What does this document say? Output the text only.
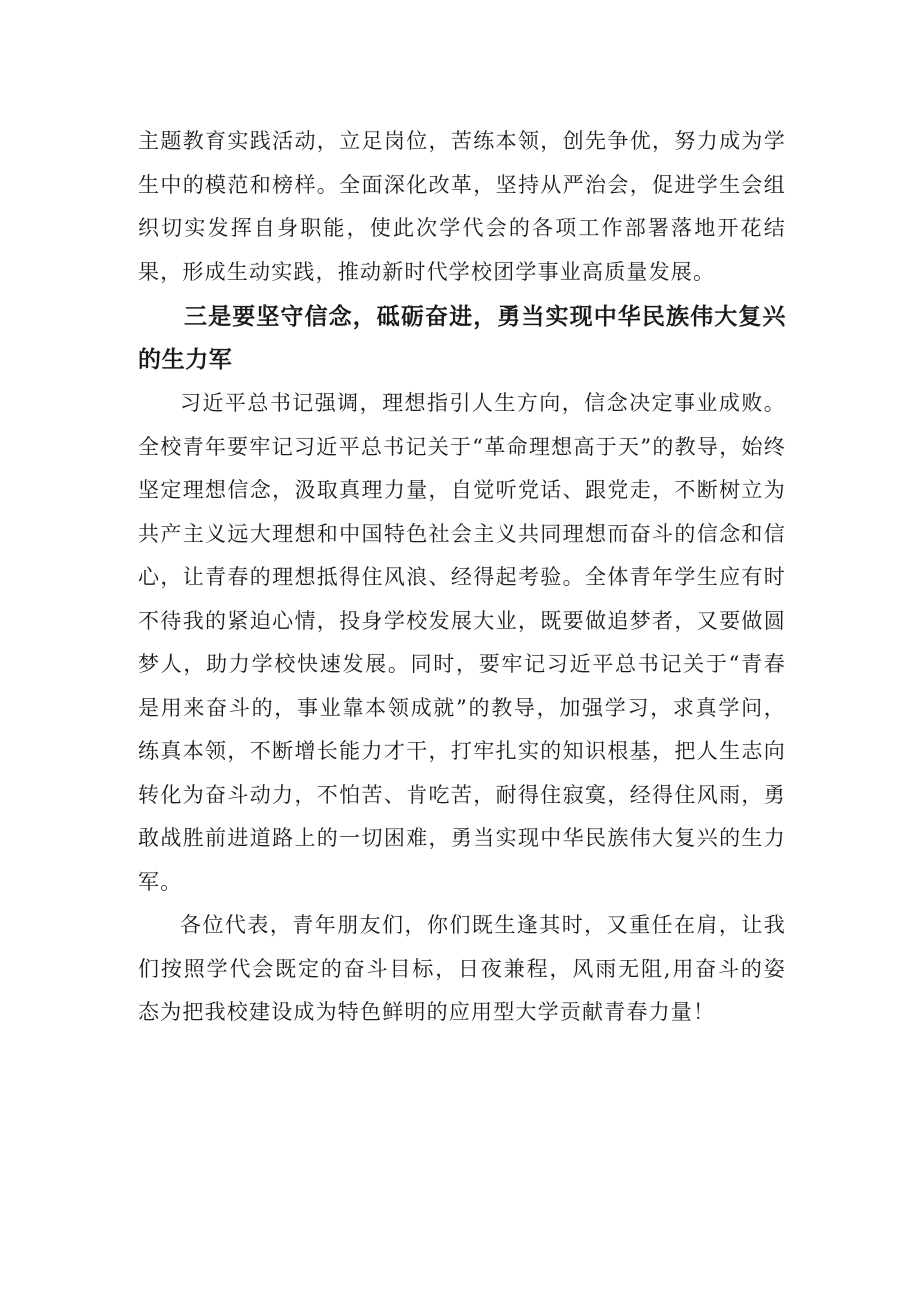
主题教育实践活动，立足岗位，苦练本领，创先争优，努力成为学生中的模范和榜样。全面深化改革，坚持从严治会，促进学生会组织切实发挥自身职能，使此次学代会的各项工作部署落地开花结果，形成生动实践，推动新时代学校团学事业高质量发展。

三是要坚守信念，砥砺奋进，勇当实现中华民族伟大复兴的生力军

习近平总书记强调，理想指引人生方向，信念决定事业成败。全校青年要牢记习近平总书记关于“革命理想高于天”的教导，始终坚定理想信念，汲取真理力量，自觉听党话、跟党走，不断树立为共产主义远大理想和中国特色社会主义共同理想而奋斗的信念和信心，让青春的理想抵得住风浪、经得起考验。全体青年学生应有时不待我的紧迫心情，投身学校发展大业，既要做追梦者，又要做圆梦人，助力学校快速发展。同时，要牢记习近平总书记关于“青春是用来奋斗的，事业靠本领成就”的教导，加强学习，求真学问，练真本领，不断增长能力才干，打牢扎实的知识根基，把人生志向转化为奋斗动力，不怕苦、肯吃苦，耐得住寂寞，经得住风雨，勇敢战胜前进道路上的一切困难，勇当实现中华民族伟大复兴的生力军。

各位代表，青年朋友们，你们既生逢其时，又重任在肩，让我们按照学代会既定的奋斗目标，日夜兼程，风雨无阻,用奋斗的姿态为把我校建设成为特色鲜明的应用型大学贡献青春力量！
